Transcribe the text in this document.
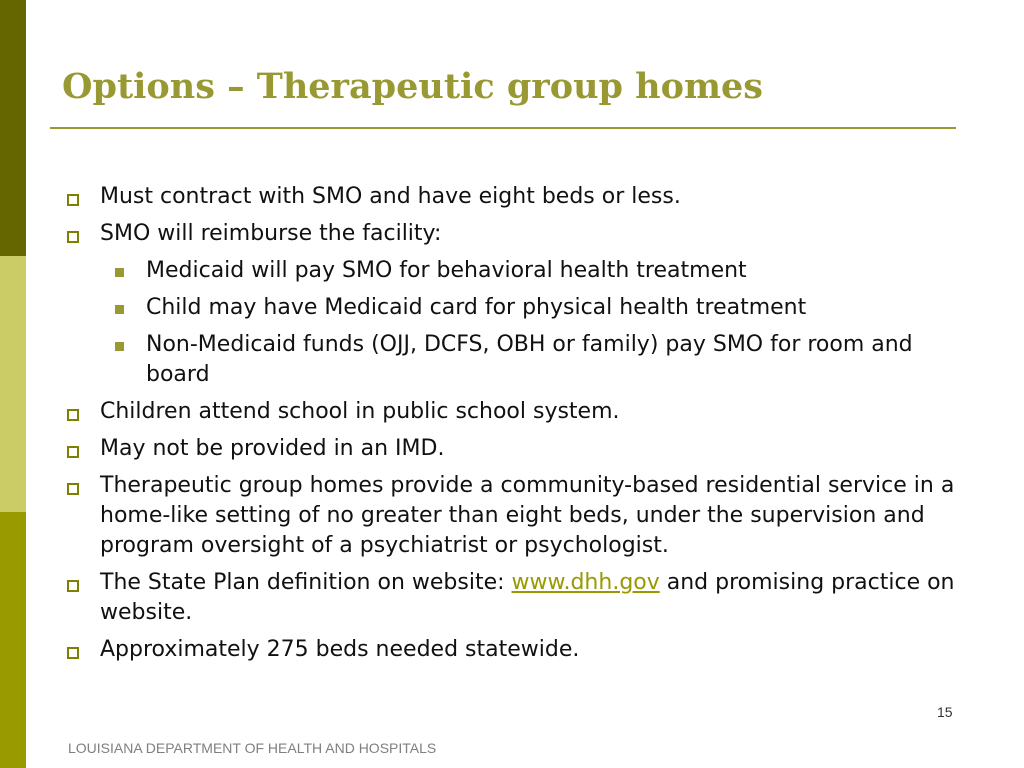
Options – Therapeutic group homes
Must contract with SMO and have eight beds or less.
SMO will reimburse the facility:
Medicaid will pay SMO for behavioral health treatment
Child may have Medicaid card for physical health treatment
Non-Medicaid funds (OJJ, DCFS, OBH or family) pay SMO for room and board
Children attend school in public school system.
May not be provided in an IMD.
Therapeutic group homes provide a community-based residential service in a home-like setting of no greater than eight beds, under the supervision and program oversight of a psychiatrist or psychologist.
The State Plan definition on website: www.dhh.gov and promising practice on website.
Approximately 275 beds needed statewide.
15
LOUISIANA DEPARTMENT OF HEALTH AND HOSPITALS
